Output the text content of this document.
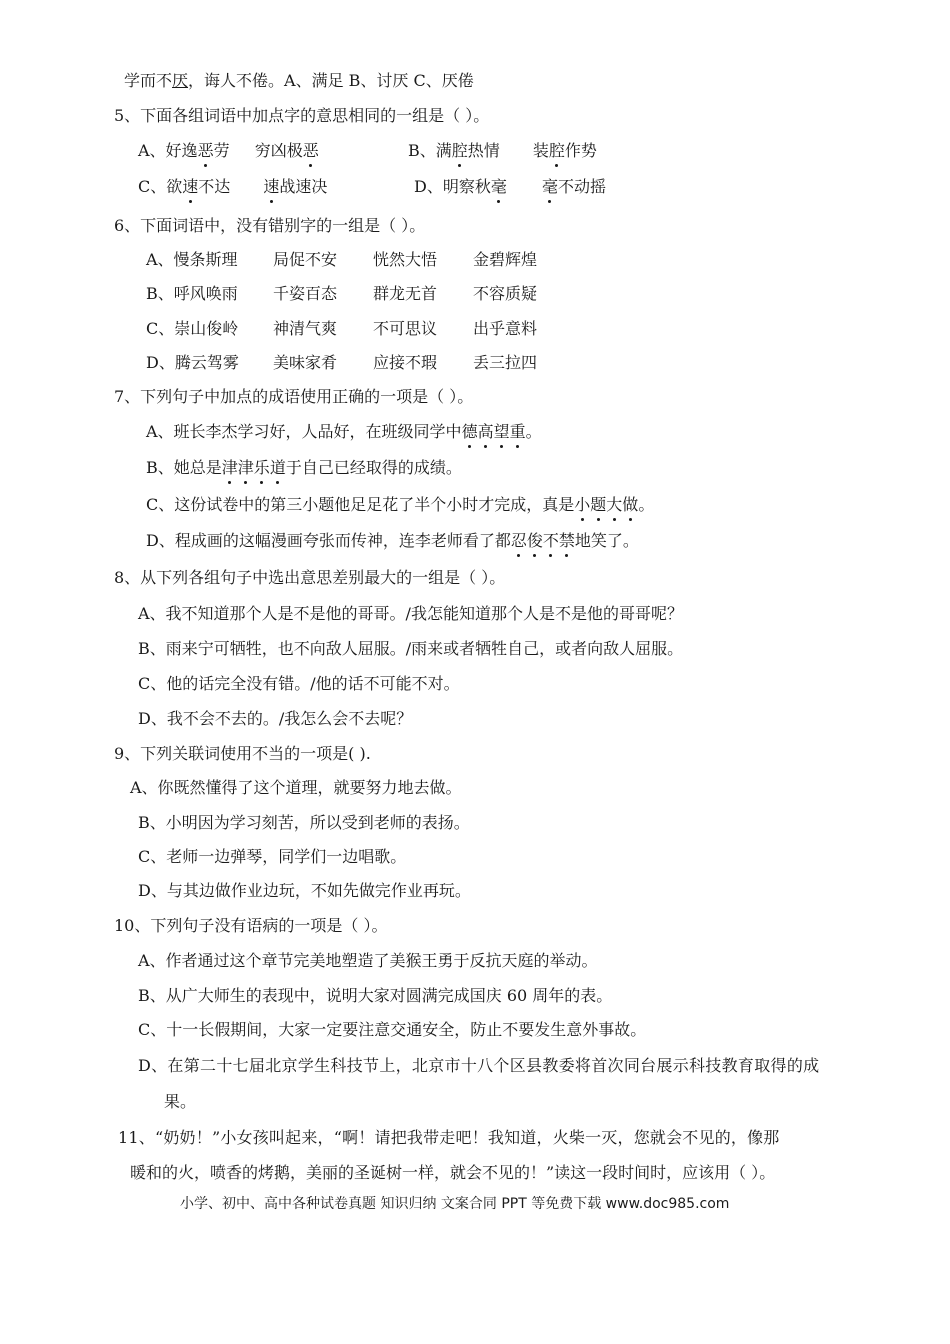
学而不厌，诲人不倦。A、满足 B、讨厌 C、厌倦
5、下面各组词语中加点字的意思相同的一组是（ ）。
A、好逸恶劳 穷凶极恶	B、满腔热情 装腔作势
C、欲速不达 速战速决	D、明察秋毫 毫不动摇
6、下面词语中，没有错别字的一组是（ ）。
A、慢条斯理 局促不安 恍然大悟 金碧辉煌
B、呼风唤雨 千姿百态 群龙无首 不容质疑
C、崇山俊岭 神清气爽 不可思议 出乎意料
D、腾云驾雾 美味家肴 应接不瑕 丢三拉四
7、下列句子中加点的成语使用正确的一项是（ ）。
A、班长李杰学习好，人品好，在班级同学中德高望重。
B、她总是津津乐道于自己已经取得的成绩。
C、这份试卷中的第三小题他足足花了半个小时才完成，真是小题大做。
D、程成画的这幅漫画夸张而传神，连李老师看了都忍俊不禁地笑了。
8、从下列各组句子中选出意思差别最大的一组是（ ）。
A、我不知道那个人是不是他的哥哥。/我怎能知道那个人是不是他的哥哥呢？
B、雨来宁可牺牲，也不向敌人屈服。/雨来或者牺牲自己，或者向敌人屈服。
C、他的话完全没有错。/他的话不可能不对。
D、我不会不去的。/我怎么会不去呢？
9、下列关联词使用不当的一项是( ).
A、你既然懂得了这个道理，就要努力地去做。
B、小明因为学习刻苦，所以受到老师的表扬。
C、老师一边弹琴，同学们一边唱歌。
D、与其边做作业边玩，不如先做完作业再玩。
10、下列句子没有语病的一项是（ ）。
A、作者通过这个章节完美地塑造了美猴王勇于反抗天庭的举动。
B、从广大师生的表现中，说明大家对圆满完成国庆 60 周年的表。
C、十一长假期间，大家一定要注意交通安全，防止不要发生意外事故。
D、在第二十七届北京学生科技节上，北京市十八个区县教委将首次同台展示科技教育取得的成
果。
11、“奶奶！”小女孩叫起来，“啊！请把我带走吧！我知道，火柴一灭，您就会不见的，像那
暖和的火，喷香的烤鹅，美丽的圣诞树一样，就会不见的！”读这一段时间时，应该用（ ）。
小学、初中、高中各种试卷真题 知识归纳 文案合同 PPT 等免费下载 www.doc985.com
